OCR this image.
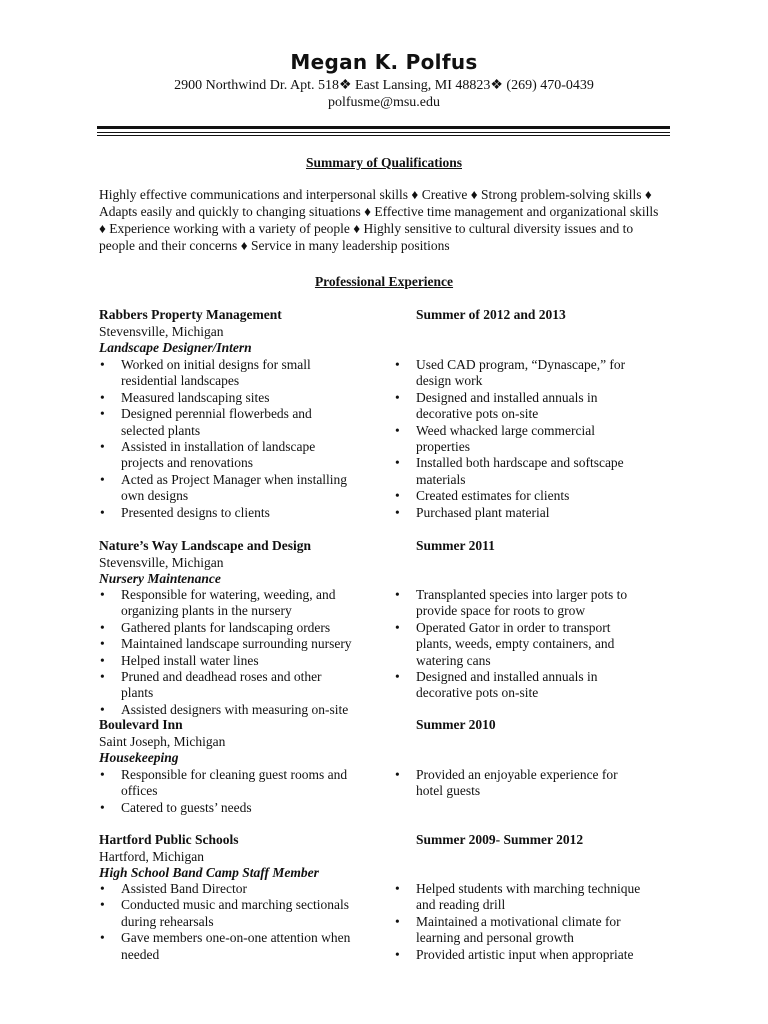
Megan K. Polfus
2900 Northwind Dr. Apt. 518❖ East Lansing, MI 48823❖ (269) 470-0439
polfusme@msu.edu
Summary of Qualifications
Highly effective communications and interpersonal skills ♦ Creative ♦ Strong problem-solving skills ♦ Adapts easily and quickly to changing situations ♦ Effective time management and organizational skills ♦ Experience working with a variety of people ♦ Highly sensitive to cultural diversity issues and to people and their concerns ♦ Service in many leadership positions
Professional Experience
Rabbers Property Management
Stevensville, Michigan
Landscape Designer/Intern
Summer of 2012 and 2013
• Worked on initial designs for small residential landscapes
• Measured landscaping sites
• Designed perennial flowerbeds and selected plants
• Assisted in installation of landscape projects and renovations
• Acted as Project Manager when installing own designs
• Presented designs to clients
• Used CAD program, “Dynascape,” for design work
• Designed and installed annuals in decorative pots on-site
• Weed whacked large commercial properties
• Installed both hardscape and softscape materials
• Created estimates for clients
• Purchased plant material
Nature’s Way Landscape and Design
Stevensville, Michigan
Nursery Maintenance
Summer 2011
• Responsible for watering, weeding, and organizing plants in the nursery
• Gathered plants for landscaping orders
• Maintained landscape surrounding nursery
• Helped install water lines
• Pruned and deadhead roses and other plants
• Assisted designers with measuring on-site
• Transplanted species into larger pots to provide space for roots to grow
• Operated Gator in order to transport plants, weeds, empty containers, and watering cans
• Designed and installed annuals in decorative pots on-site
Boulevard Inn
Saint Joseph, Michigan
Housekeeping
Summer 2010
• Responsible for cleaning guest rooms and offices
• Catered to guests’ needs
• Provided an enjoyable experience for hotel guests
Hartford Public Schools
Hartford, Michigan
High School Band Camp Staff Member
Summer 2009- Summer 2012
• Assisted Band Director
• Conducted music and marching sectionals during rehearsals
• Gave members one-on-one attention when needed
• Helped students with marching technique and reading drill
• Maintained a motivational climate for learning and personal growth
• Provided artistic input when appropriate
